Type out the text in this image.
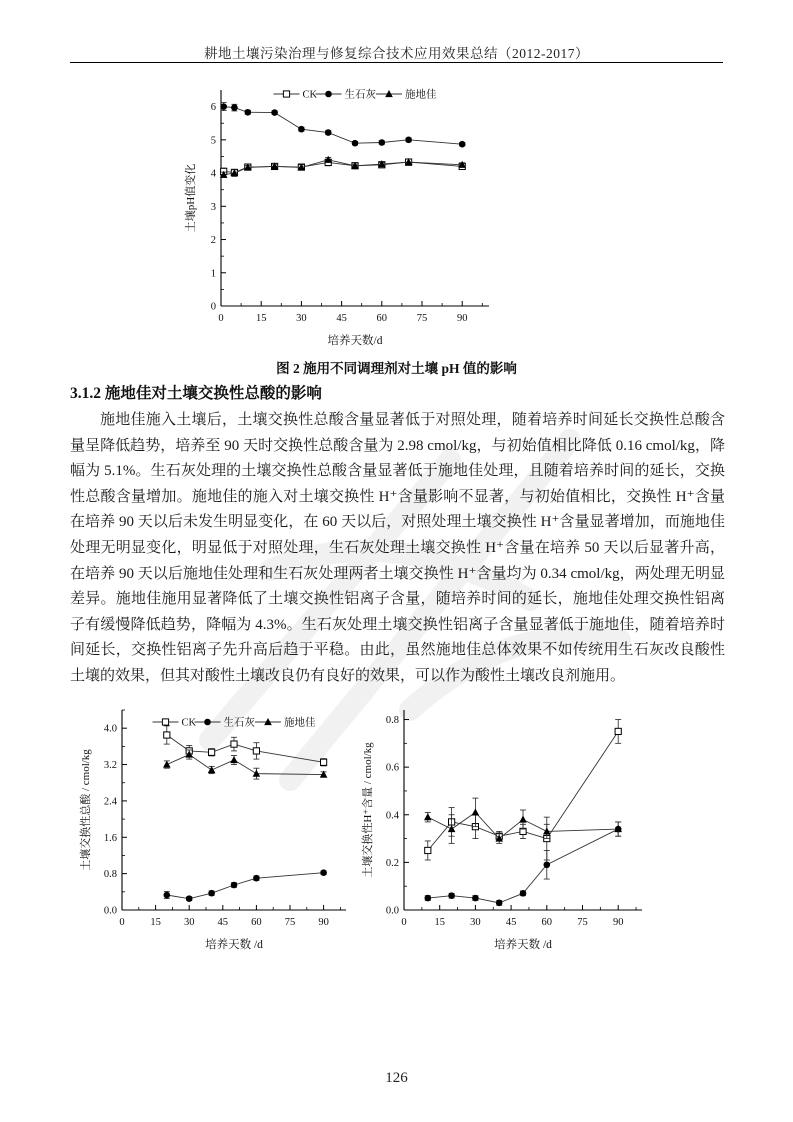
耕地土壤污染治理与修复综合技术应用效果总结（2012-2017）
0	15	30	45	60	75	90
0
1
2
3
4
5
6
培养天数/d
土壤pH值变化
CK	生石灰	施地佳
图 2 施用不同调理剂对土壤 pH 值的影响
3.1.2 施地佳对土壤交换性总酸的影响
施地佳施入土壤后，土壤交换性总酸含量显著低于对照处理，随着培养时间延长交换性总酸含量呈降低趋势，培养至 90 天时交换性总酸含量为 2.98 cmol/kg，与初始值相比降低 0.16 cmol/kg，降幅为 5.1%。生石灰处理的土壤交换性总酸含量显著低于施地佳处理，且随着培养时间的延长，交换性总酸含量增加。施地佳的施入对土壤交换性 H⁺含量影响不显著，与初始值相比，交换性 H⁺含量在培养 90 天以后未发生明显变化，在 60 天以后，对照处理土壤交换性 H⁺含量显著增加，而施地佳处理无明显变化，明显低于对照处理，生石灰处理土壤交换性 H⁺含量在培养 50 天以后显著升高，在培养 90 天以后施地佳处理和生石灰处理两者土壤交换性 H⁺含量均为 0.34 cmol/kg，两处理无明显差异。施地佳施用显著降低了土壤交换性铝离子含量，随培养时间的延长，施地佳处理交换性铝离子有缓慢降低趋势，降幅为 4.3%。生石灰处理土壤交换性铝离子含量显著低于施地佳，随着培养时间延长，交换性铝离子先升高后趋于平稳。由此，虽然施地佳总体效果不如传统用生石灰改良酸性土壤的效果，但其对酸性土壤改良仍有良好的效果，可以作为酸性土壤改良剂施用。
0 15 30 45 60 75 90
0.0
0.8
1.6
2.4
3.2
4.0
培养天数 /d
土壤交换性总酸 / cmol/kg
CK	生石灰	施地佳
0	15 30 45 60 75 90
0.0
0.2
0.4
0.6
0.8
培养天数 /d
土壤交换性H⁺含量 / cmol/kg
126
